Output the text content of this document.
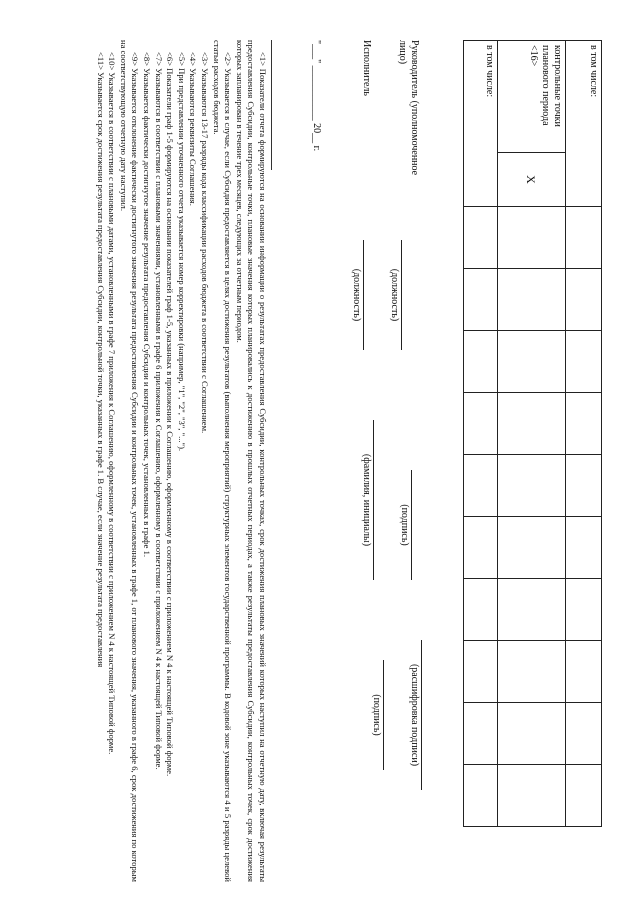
в том числе:											
контрольные точки планового периода <16>	X										
в том числе:											
Руководитель (уполномоченное лицо)
(должность)
(подпись)
(расшифровка подписи)
Исполнитель
(должность)
(фамилия, инициалы)
(подпись)
"___" ___________ 20__ г.

<1> Показатели отчета формируются на основании информации о результатах предоставления Субсидии, контрольных точках, срок достижения плановых значений которых наступил на отчетную дату, включая результаты предоставления Субсидии, контрольные точки, плановые значения которых планировались к достижению в прошлых отчетных периодах, а также результаты предоставления Субсидии, контрольных точек, срок достижения которых запланирован в течение трех месяцев, следующих за отчетным периодом.

<2> Указывается в случае, если Субсидия предоставляется в целях достижения результатов (выполнения мероприятий) структурных элементов государственной программы. В кодовой зоне указываются 4 и 5 разряды целевой статьи расходов бюджета.

<3> Указываются 13-17 разряды кода классификации расходов бюджета в соответствии с Соглашением.

<4> Указываются реквизиты Соглашения.

<5> При представлении уточненного отчета указывается номер корректировки (например, "1", "2", "3", "...").

<6> Показатели граф 1-5 формируются на основании показателей граф 1-5, указанных в приложении к Соглашению, оформленному в соответствии с приложением N 4 к настоящей Типовой форме.

<7> Указываются в соответствии с плановыми значениями, установленными в графе 6 приложения к Соглашению, оформленному в соответствии с приложением N 4 к настоящей Типовой форме.

<8> Указывается фактически достигнутое значение результата предоставления Субсидии и контрольных точек, установленных в графе 1.

<9> Указывается отклонение фактически достигнутого значения результата предоставления Субсидии и контрольных точек, установленных в графе 1, от планового значения, указанного в графе 6, срок достижения по которым на соответствующую отчетную дату наступил.

<10> Указывается в соответствии с плановыми датами, установленными в графе 7 приложения к Соглашению, оформленному в соответствии с приложением N 4 к настоящей Типовой форме.

<11> Указывается срок достижения результата предоставления Субсидии, контрольной точки, указанных в графе 1. В случае, если значение результата предоставления
